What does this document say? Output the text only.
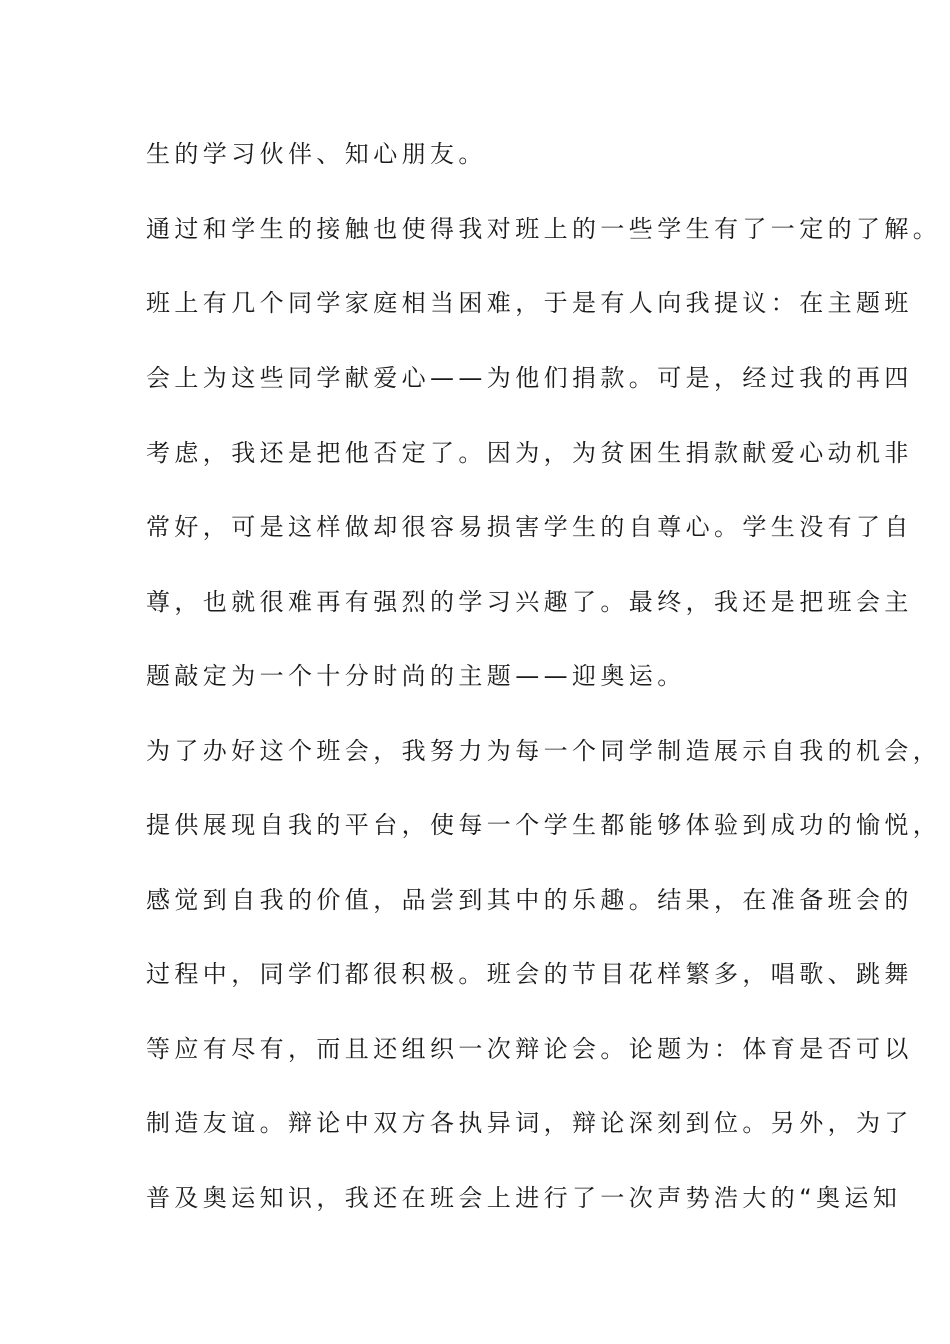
生的学习伙伴、知心朋友。
通过和学生的接触也使得我对班上的一些学生有了一定的了解。
班上有几个同学家庭相当困难，于是有人向我提议：在主题班
会上为这些同学献爱心——为他们捐款。可是，经过我的再四
考虑，我还是把他否定了。因为，为贫困生捐款献爱心动机非
常好，可是这样做却很容易损害学生的自尊心。学生没有了自
尊，也就很难再有强烈的学习兴趣了。最终，我还是把班会主
题敲定为一个十分时尚的主题——迎奥运。
为了办好这个班会，我努力为每一个同学制造展示自我的机会，
提供展现自我的平台，使每一个学生都能够体验到成功的愉悦，
感觉到自我的价值，品尝到其中的乐趣。结果，在准备班会的
过程中，同学们都很积极。班会的节目花样繁多，唱歌、跳舞
等应有尽有，而且还组织一次辩论会。论题为：体育是否可以
制造友谊。辩论中双方各执异词，辩论深刻到位。另外，为了
普及奥运知识，我还在班会上进行了一次声势浩大的“奥运知
